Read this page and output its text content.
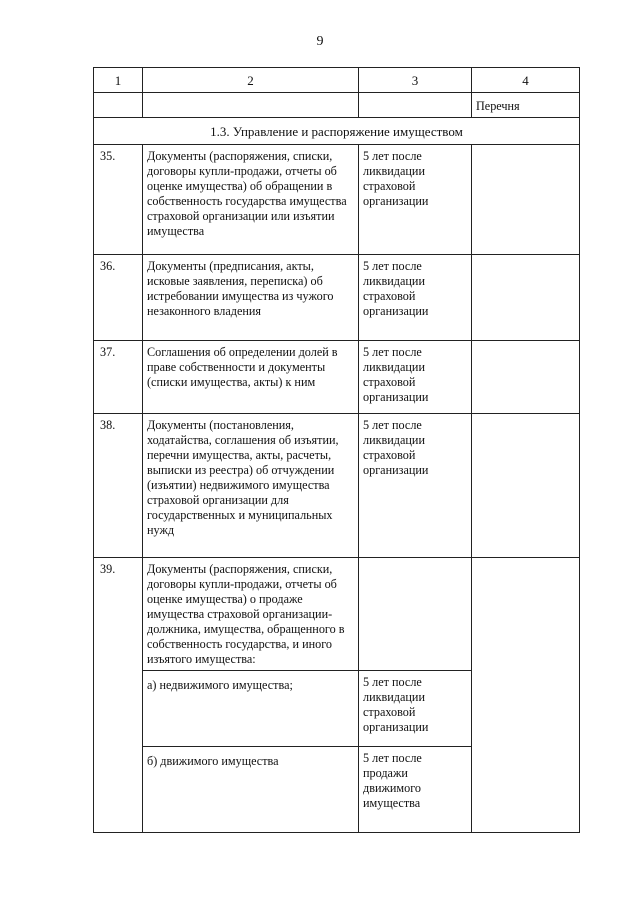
9
1	2	3	4
			Перечня
1.3. Управление и распоряжение имуществом			
35.	Документы (распоряжения, списки, договоры купли-продажи, отчеты об оценке имущества) об обращении в собственность государства имущества страховой организации или изъятии имущества	5 лет после ликвидации страховой организации	
36.	Документы (предписания, акты, исковые заявления, переписка) об истребовании имущества из чужого незаконного владения	5 лет после ликвидации страховой организации	
37.	Соглашения об определении долей в праве собственности и документы (списки имущества, акты) к ним	5 лет после ликвидации страховой организации	
38.	Документы (постановления, ходатайства, соглашения об изъятии, перечни имущества, акты, расчеты, выписки из реестра) об отчуждении (изъятии) недвижимого имущества страховой организации для государственных и муниципальных нужд	5 лет после ликвидации страховой организации	
39.	Документы (распоряжения, списки, договоры купли-продажи, отчеты об оценке имущества) о продаже имущества страховой организации-должника, имущества, обращенного в собственность государства, и иного изъятого имущества:		
	а) недвижимого имущества;	5 лет после ликвидации страховой организации	
	б) движимого имущества	5 лет после продажи движимого имущества	
